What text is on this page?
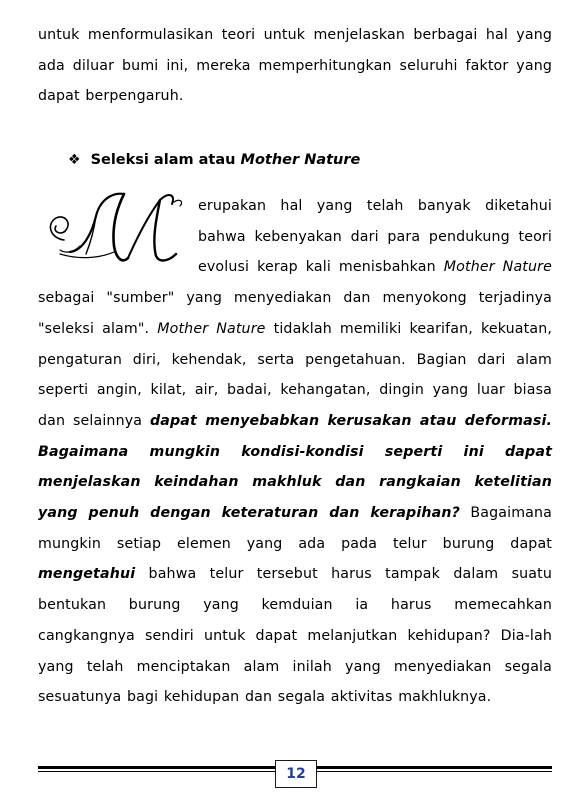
untuk menformulasikan teori untuk menjelaskan berbagai hal yang ada diluar bumi ini, mereka memperhitungkan seluruhi faktor yang dapat berpengaruh.

❖ Seleksi alam atau Mother Nature

erupakan hal yang telah banyak diketahui bahwa kebenyakan dari para pendukung teori evolusi kerap kali menisbahkan Mother Nature sebagai "sumber" yang menyediakan dan menyokong terjadinya "seleksi alam". Mother Nature tidaklah memiliki kearifan, kekuatan, pengaturan diri, kehendak, serta pengetahuan. Bagian dari alam seperti angin, kilat, air, badai, kehangatan, dingin yang luar biasa dan selainnya dapat menyebabkan kerusakan atau deformasi. Bagaimana mungkin kondisi-kondisi seperti ini dapat menjelaskan keindahan makhluk dan rangkaian ketelitian yang penuh dengan keteraturan dan kerapihan? Bagaimana mungkin setiap elemen yang ada pada telur burung dapat mengetahui bahwa telur tersebut harus tampak dalam suatu bentukan burung yang kemduian ia harus memecahkan cangkangnya sendiri untuk dapat melanjutkan kehidupan? Dia-lah yang telah menciptakan alam inilah yang menyediakan segala sesuatunya bagi kehidupan dan segala aktivitas makhluknya.

12
